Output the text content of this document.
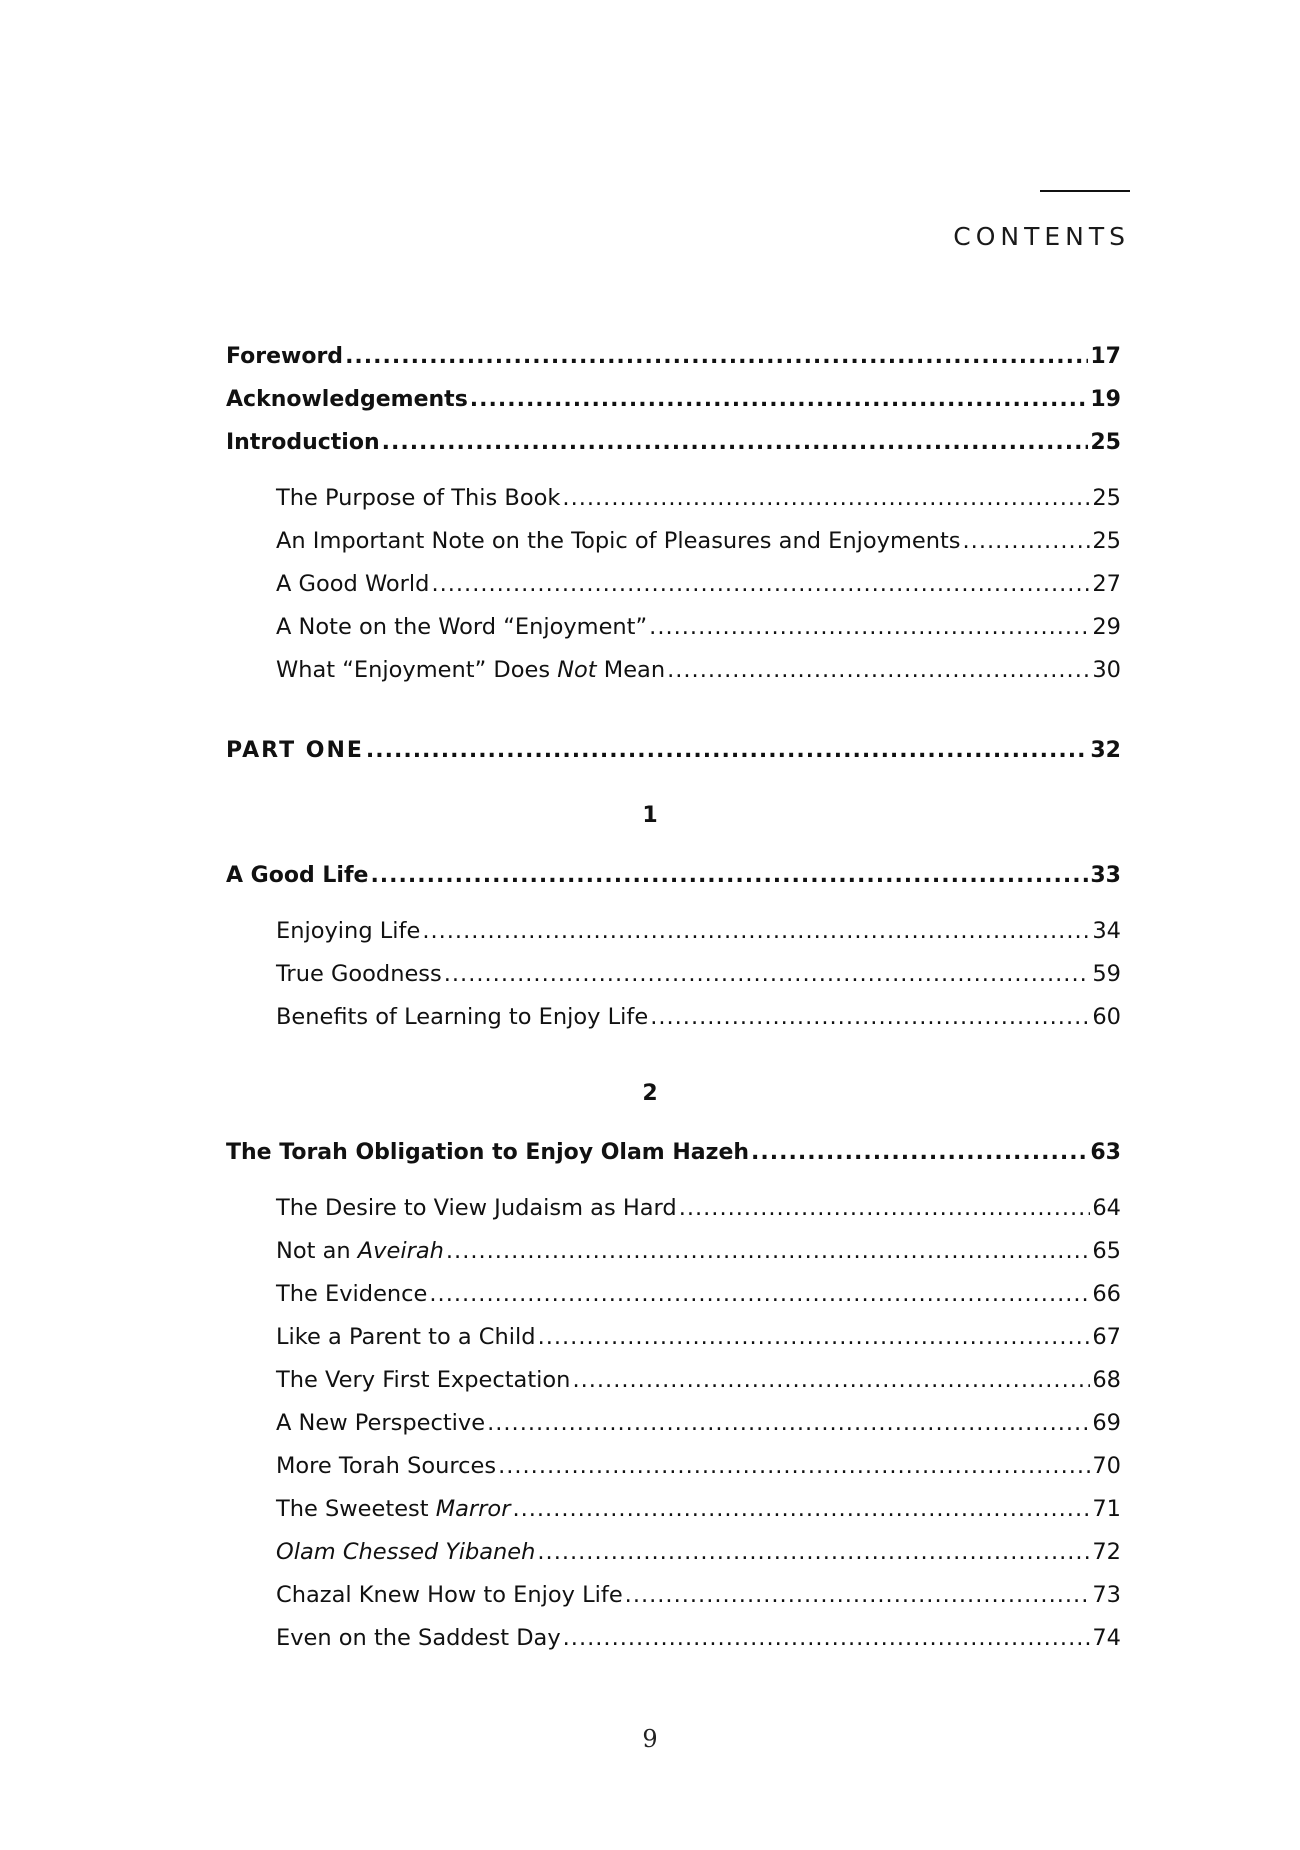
CONTENTS
Foreword .....	17
Acknowledgements .....	19
Introduction .....	25
The Purpose of This Book .....	25
An Important Note on the Topic of Pleasures and Enjoyments .....	25
A Good World .....	27
A Note on the Word “Enjoyment” .....	29
What “Enjoyment” Does Not Mean .....	30
PART ONE .....	32
A Good Life .....	33
Enjoying Life .....	34
True Goodness .....	59
Benefits of Learning to Enjoy Life .....	60
The Torah Obligation to Enjoy Olam Hazeh .....	63
The Desire to View Judaism as Hard .....	64
Not an Aveirah .....	65
The Evidence .....	66
Like a Parent to a Child .....	67
The Very First Expectation .....	68
A New Perspective .....	69
More Torah Sources .....	70
The Sweetest Marror .....	71
Olam Chessed Yibaneh .....	72
Chazal Knew How to Enjoy Life .....	73
Even on the Saddest Day .....	74
1
2
9
